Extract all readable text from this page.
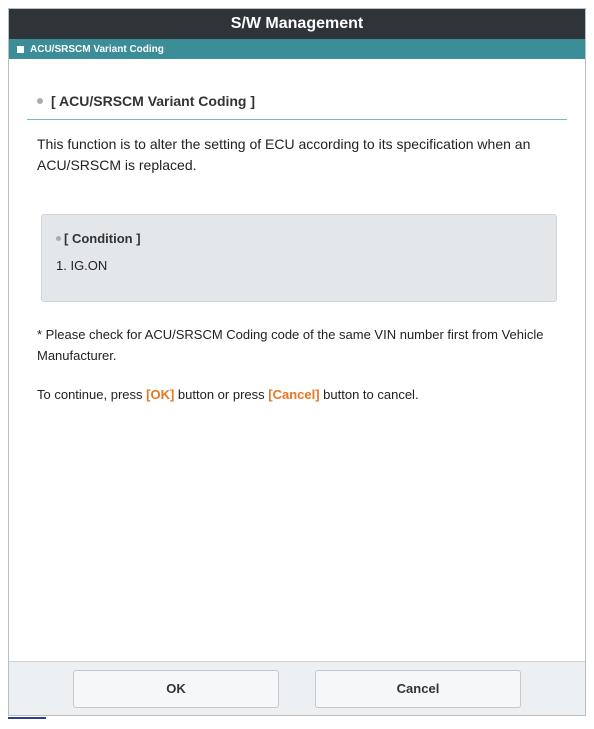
S/W Management
ACU/SRSCM Variant Coding
[ ACU/SRSCM Variant Coding ]

This function is to alter the setting of ECU according to its specification when an ACU/SRSCM is replaced.

[ Condition ]
1. IG.ON

* Please check for ACU/SRSCM Coding code of the same VIN number first from Vehicle Manufacturer.

To continue, press [OK] button or press [Cancel] button to cancel.

OK	Cancel
